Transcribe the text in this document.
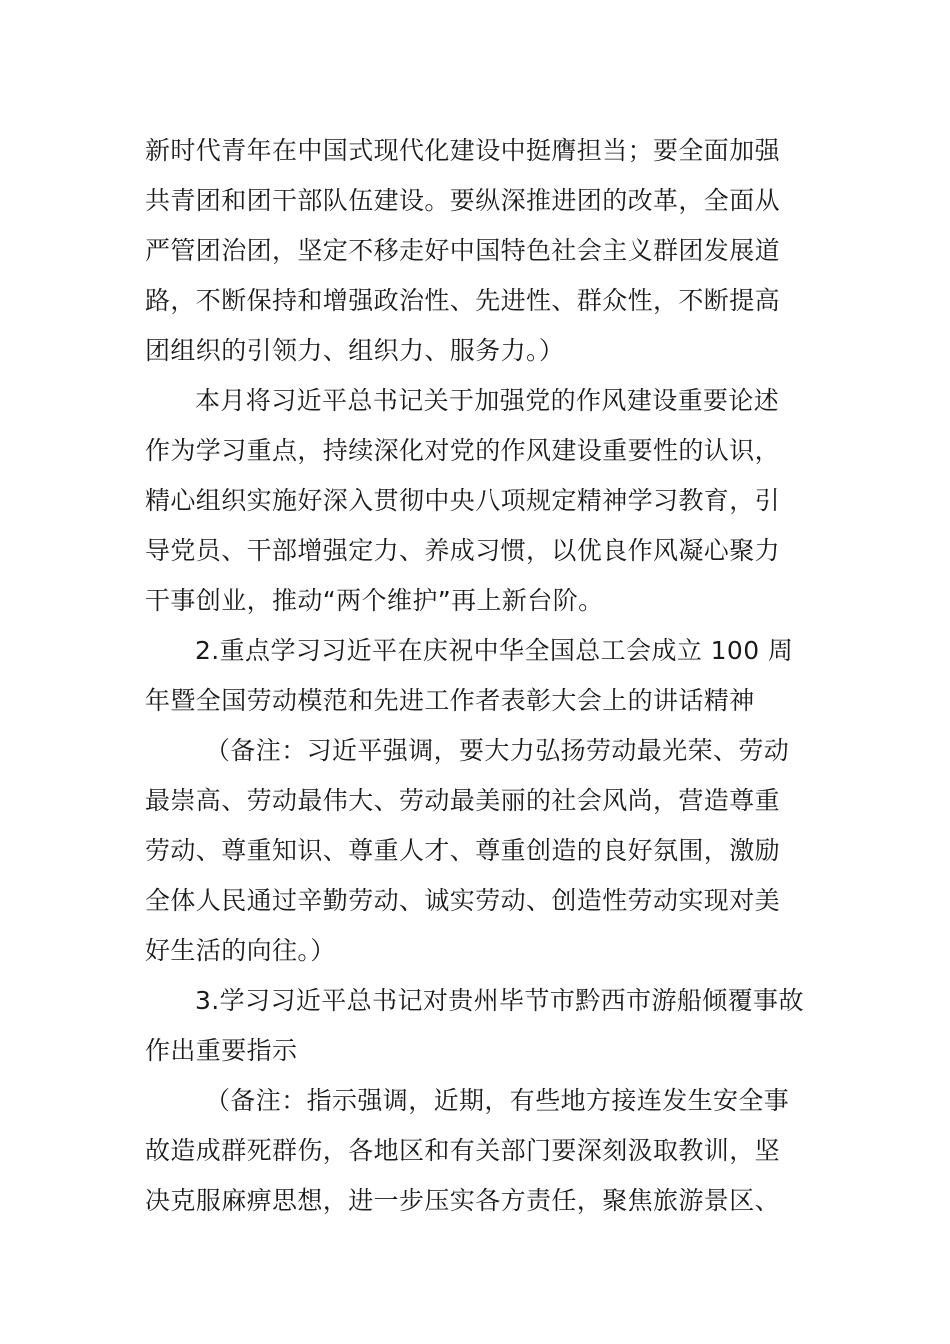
新时代青年在中国式现代化建设中挺膺担当；要全面加强
共青团和团干部队伍建设。要纵深推进团的改革，全面从
严管团治团，坚定不移走好中国特色社会主义群团发展道
路，不断保持和增强政治性、先进性、群众性，不断提高
团组织的引领力、组织力、服务力。）
本月将习近平总书记关于加强党的作风建设重要论述
作为学习重点，持续深化对党的作风建设重要性的认识，
精心组织实施好深入贯彻中央八项规定精神学习教育，引
导党员、干部增强定力、养成习惯，以优良作风凝心聚力
干事创业，推动“两个维护”再上新台阶。
2.重点学习习近平在庆祝中华全国总工会成立 100 周
年暨全国劳动模范和先进工作者表彰大会上的讲话精神
（备注：习近平强调，要大力弘扬劳动最光荣、劳动
最崇高、劳动最伟大、劳动最美丽的社会风尚，营造尊重
劳动、尊重知识、尊重人才、尊重创造的良好氛围，激励
全体人民通过辛勤劳动、诚实劳动、创造性劳动实现对美
好生活的向往。）
3.学习习近平总书记对贵州毕节市黔西市游船倾覆事故
作出重要指示
（备注：指示强调，近期，有些地方接连发生安全事
故造成群死群伤，各地区和有关部门要深刻汲取教训，坚
决克服麻痹思想，进一步压实各方责任，聚焦旅游景区、
